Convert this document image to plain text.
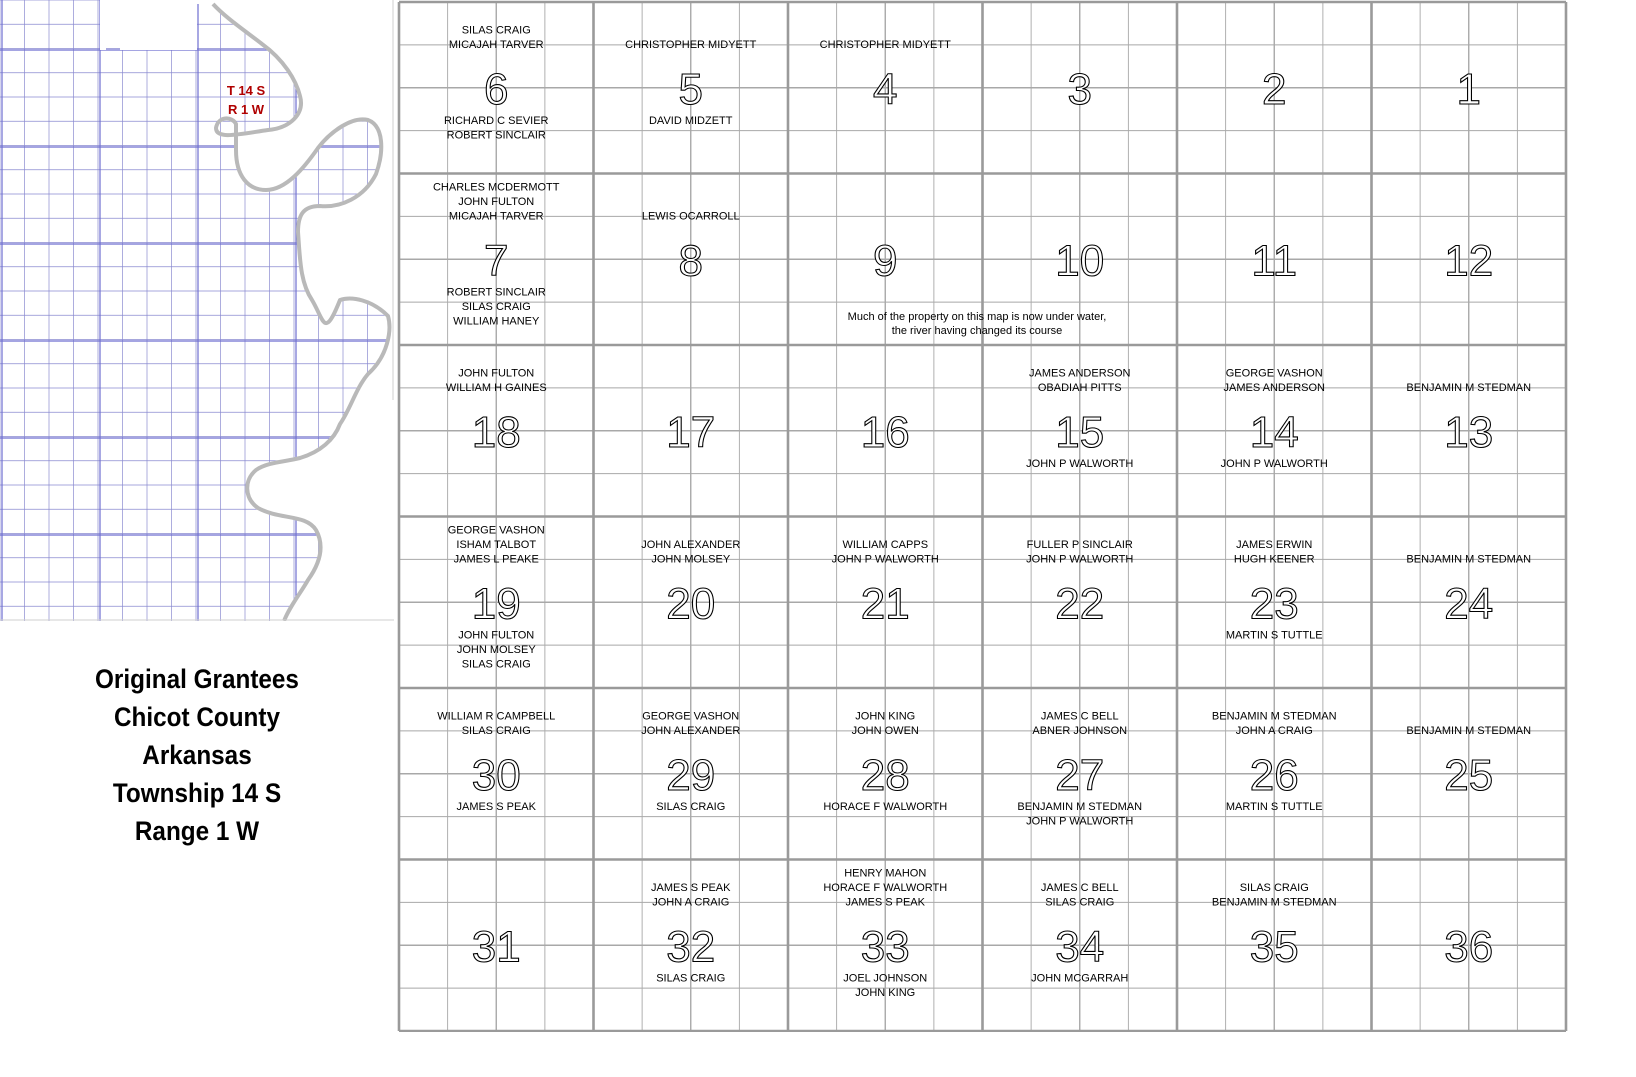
T 14 S
R 1 W
Original Grantees
Chicot County
Arkansas
Township 14 S
Range 1 W
6
SILAS CRAIG
MICAJAH TARVER
RICHARD C SEVIER
ROBERT SINCLAIR
5
CHRISTOPHER MIDYETT
DAVID MIDZETT
4
CHRISTOPHER MIDYETT
3	2	1
7
CHARLES MCDERMOTT
JOHN FULTON
MICAJAH TARVER
ROBERT SINCLAIR
SILAS CRAIG
WILLIAM HANEY
8
LEWIS OCARROLL
9	10	11	12
18
JOHN FULTON
WILLIAM H GAINES
17	16	15
JAMES ANDERSON
OBADIAH PITTS
JOHN P WALWORTH
14
GEORGE VASHON
JAMES ANDERSON
JOHN P WALWORTH
13
BENJAMIN M STEDMAN
19
GEORGE VASHON
ISHAM TALBOT
JAMES L PEAKE
JOHN FULTON
JOHN MOLSEY
SILAS CRAIG
20
JOHN ALEXANDER
JOHN MOLSEY
21
WILLIAM CAPPS
JOHN P WALWORTH
22
FULLER P SINCLAIR
JOHN P WALWORTH
23
JAMES ERWIN
HUGH KEENER
MARTIN S TUTTLE
24
BENJAMIN M STEDMAN
30
WILLIAM R CAMPBELL
SILAS CRAIG
JAMES S PEAK
29
GEORGE VASHON
JOHN ALEXANDER
SILAS CRAIG
28
JOHN KING
JOHN OWEN
HORACE F WALWORTH
27
JAMES C BELL
ABNER JOHNSON
BENJAMIN M STEDMAN
JOHN P WALWORTH
26
BENJAMIN M STEDMAN
JOHN A CRAIG
MARTIN S TUTTLE
25
BENJAMIN M STEDMAN
31	32
JAMES S PEAK
JOHN A CRAIG
SILAS CRAIG
33
HENRY MAHON
HORACE F WALWORTH
JAMES S PEAK
JOEL JOHNSON
JOHN KING
34
JAMES C BELL
SILAS CRAIG
JOHN MCGARRAH
35
SILAS CRAIG
BENJAMIN M STEDMAN
36
Much of the property on this map is now under water,
the river having changed its course
